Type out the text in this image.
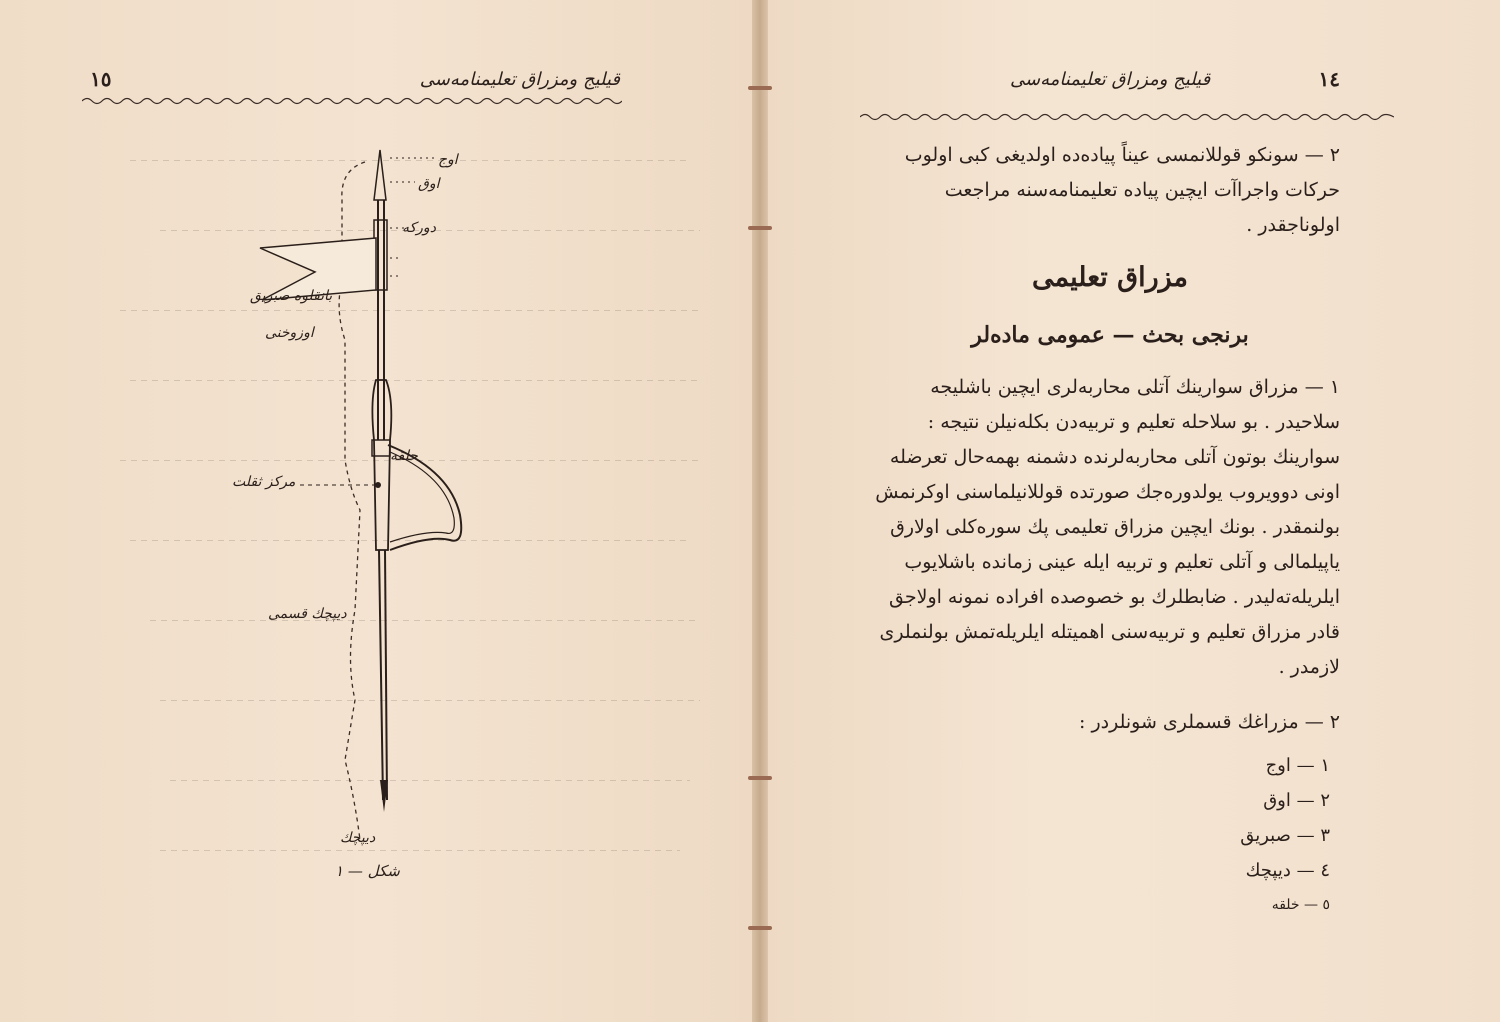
قيليج ومزراق تعليمنامه‌سی
١٥
اوج
اوق
دوركه
بانقلوه صبريق
اوزوخنی
حلقه
مركز ثقلت
ديپچك قسمی
ديپچك
شكل — ١
١٤
قيليج ومزراق تعليمنامه‌سی

٢ — سونكو قوللانمسی عيناً پياده‌ده اولديغی كبی اولوب حركات واجراآت ايچين پياده تعليمنامه‌سنه مراجعت اولوناجقدر .

مزراق تعليمی
برنجی بحث — عمومی ماده‌لر

١ — مزراق سوارينك آتلی محاربه‌لری ايچين باشليجه سلاحيدر . بو سلاحله تعليم و تربيه‌دن بكله‌نيلن نتيجه : سوارينك بوتون آتلی محاربه‌لرنده دشمنه بهمه‌حال تعرضله اونی دوويروب يولدوره‌جك صورتده قوللانيلماسنی اوكرنمش بولنمقدر . بونك ايچين مزراق تعليمی پك سوره‌كلی اولارق ياپيلمالی و آتلی تعليم و تربيه ايله عينی زمانده باشلايوب ايلريله‌ته‌ليدر . ضابطلرك بو خصوصده افراده نمونه اولاجق قادر مزراق تعليم و تربيه‌سنی اهميتله ايلريله‌تمش بولنملری لازمدر .

٢ — مزراغك قسملری شونلردر :

١ — اوج
٢ — اوق
٣ — صبريق
٤ — ديپچك
٥ — خلقه
